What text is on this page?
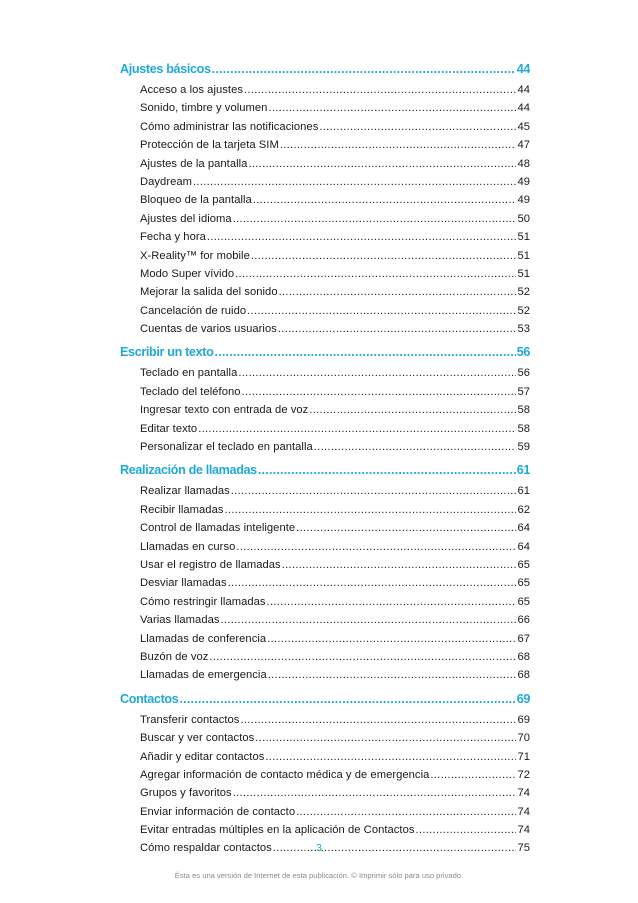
Ajustes básicos .....	44
Acceso a los ajustes .....	44
Sonido, timbre y volumen .....	44
Cómo administrar las notificaciones .....	45
Protección de la tarjeta SIM .....	47
Ajustes de la pantalla .....	48
Daydream .....	49
Bloqueo de la pantalla .....	49
Ajustes del idioma .....	50
Fecha y hora .....	51
X-Reality™ for mobile .....	51
Modo Super vívido .....	51
Mejorar la salida del sonido .....	52
Cancelación de ruido .....	52
Cuentas de varios usuarios .....	53
Escribir un texto .....	56
Teclado en pantalla .....	56
Teclado del teléfono .....	57
Ingresar texto con entrada de voz .....	58
Editar texto .....	58
Personalizar el teclado en pantalla .....	59
Realización de llamadas .....	61
Realizar llamadas .....	61
Recibir llamadas .....	62
Control de llamadas inteligente .....	64
Llamadas en curso .....	64
Usar el registro de llamadas .....	65
Desviar llamadas .....	65
Cómo restringir llamadas .....	65
Varias llamadas .....	66
Llamadas de conferencia .....	67
Buzón de voz .....	68
Llamadas de emergencia .....	68
Contactos .....	69
Transferir contactos .....	69
Buscar y ver contactos .....	70
Añadir y editar contactos .....	71
Agregar información de contacto médica y de emergencia .....	72
Grupos y favoritos .....	74
Enviar información de contacto .....	74
Evitar entradas múltiples en la aplicación de Contactos .....	74
Cómo respaldar contactos .....	75
3
Ésta es una versión de Internet de esta publicación. © Imprimir sólo para uso privado.
